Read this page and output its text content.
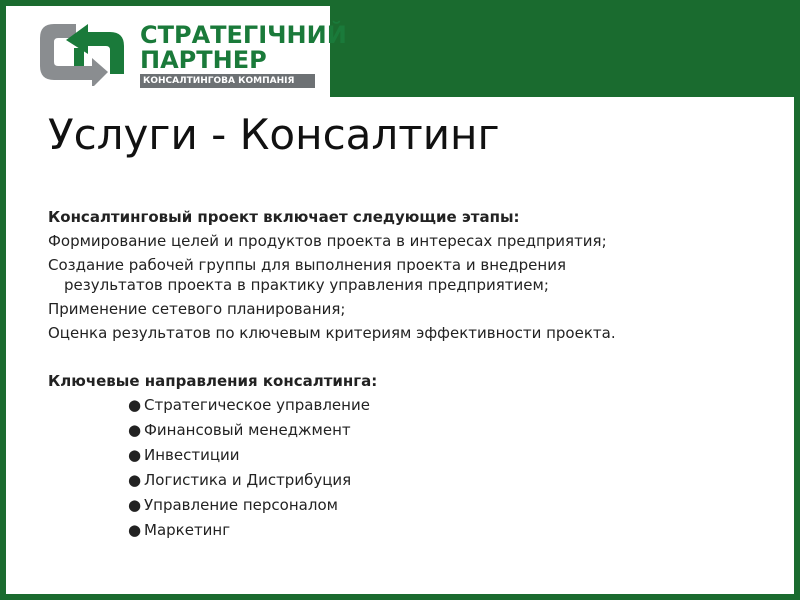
СТРАТЕГІЧНИЙ
ПАРТНЕР
КОНСАЛТИНГОВА КОМПАНІЯ
Услуги - Консалтинг

Консалтинговый проект включает следующие этапы:

Формирование целей и продуктов проекта в интересах предприятия;

Создание рабочей группы для выполнения проекта и внедрения
результатов проекта в практику управления предприятием;

Применение сетевого планирования;

Оценка результатов по ключевым критериям эффективности проекта.

Ключевые направления консалтинга:

● Стратегическое управление
● Финансовый менеджмент
● Инвестиции
● Логистика и Дистрибуция
● Управление персоналом
● Маркетинг
